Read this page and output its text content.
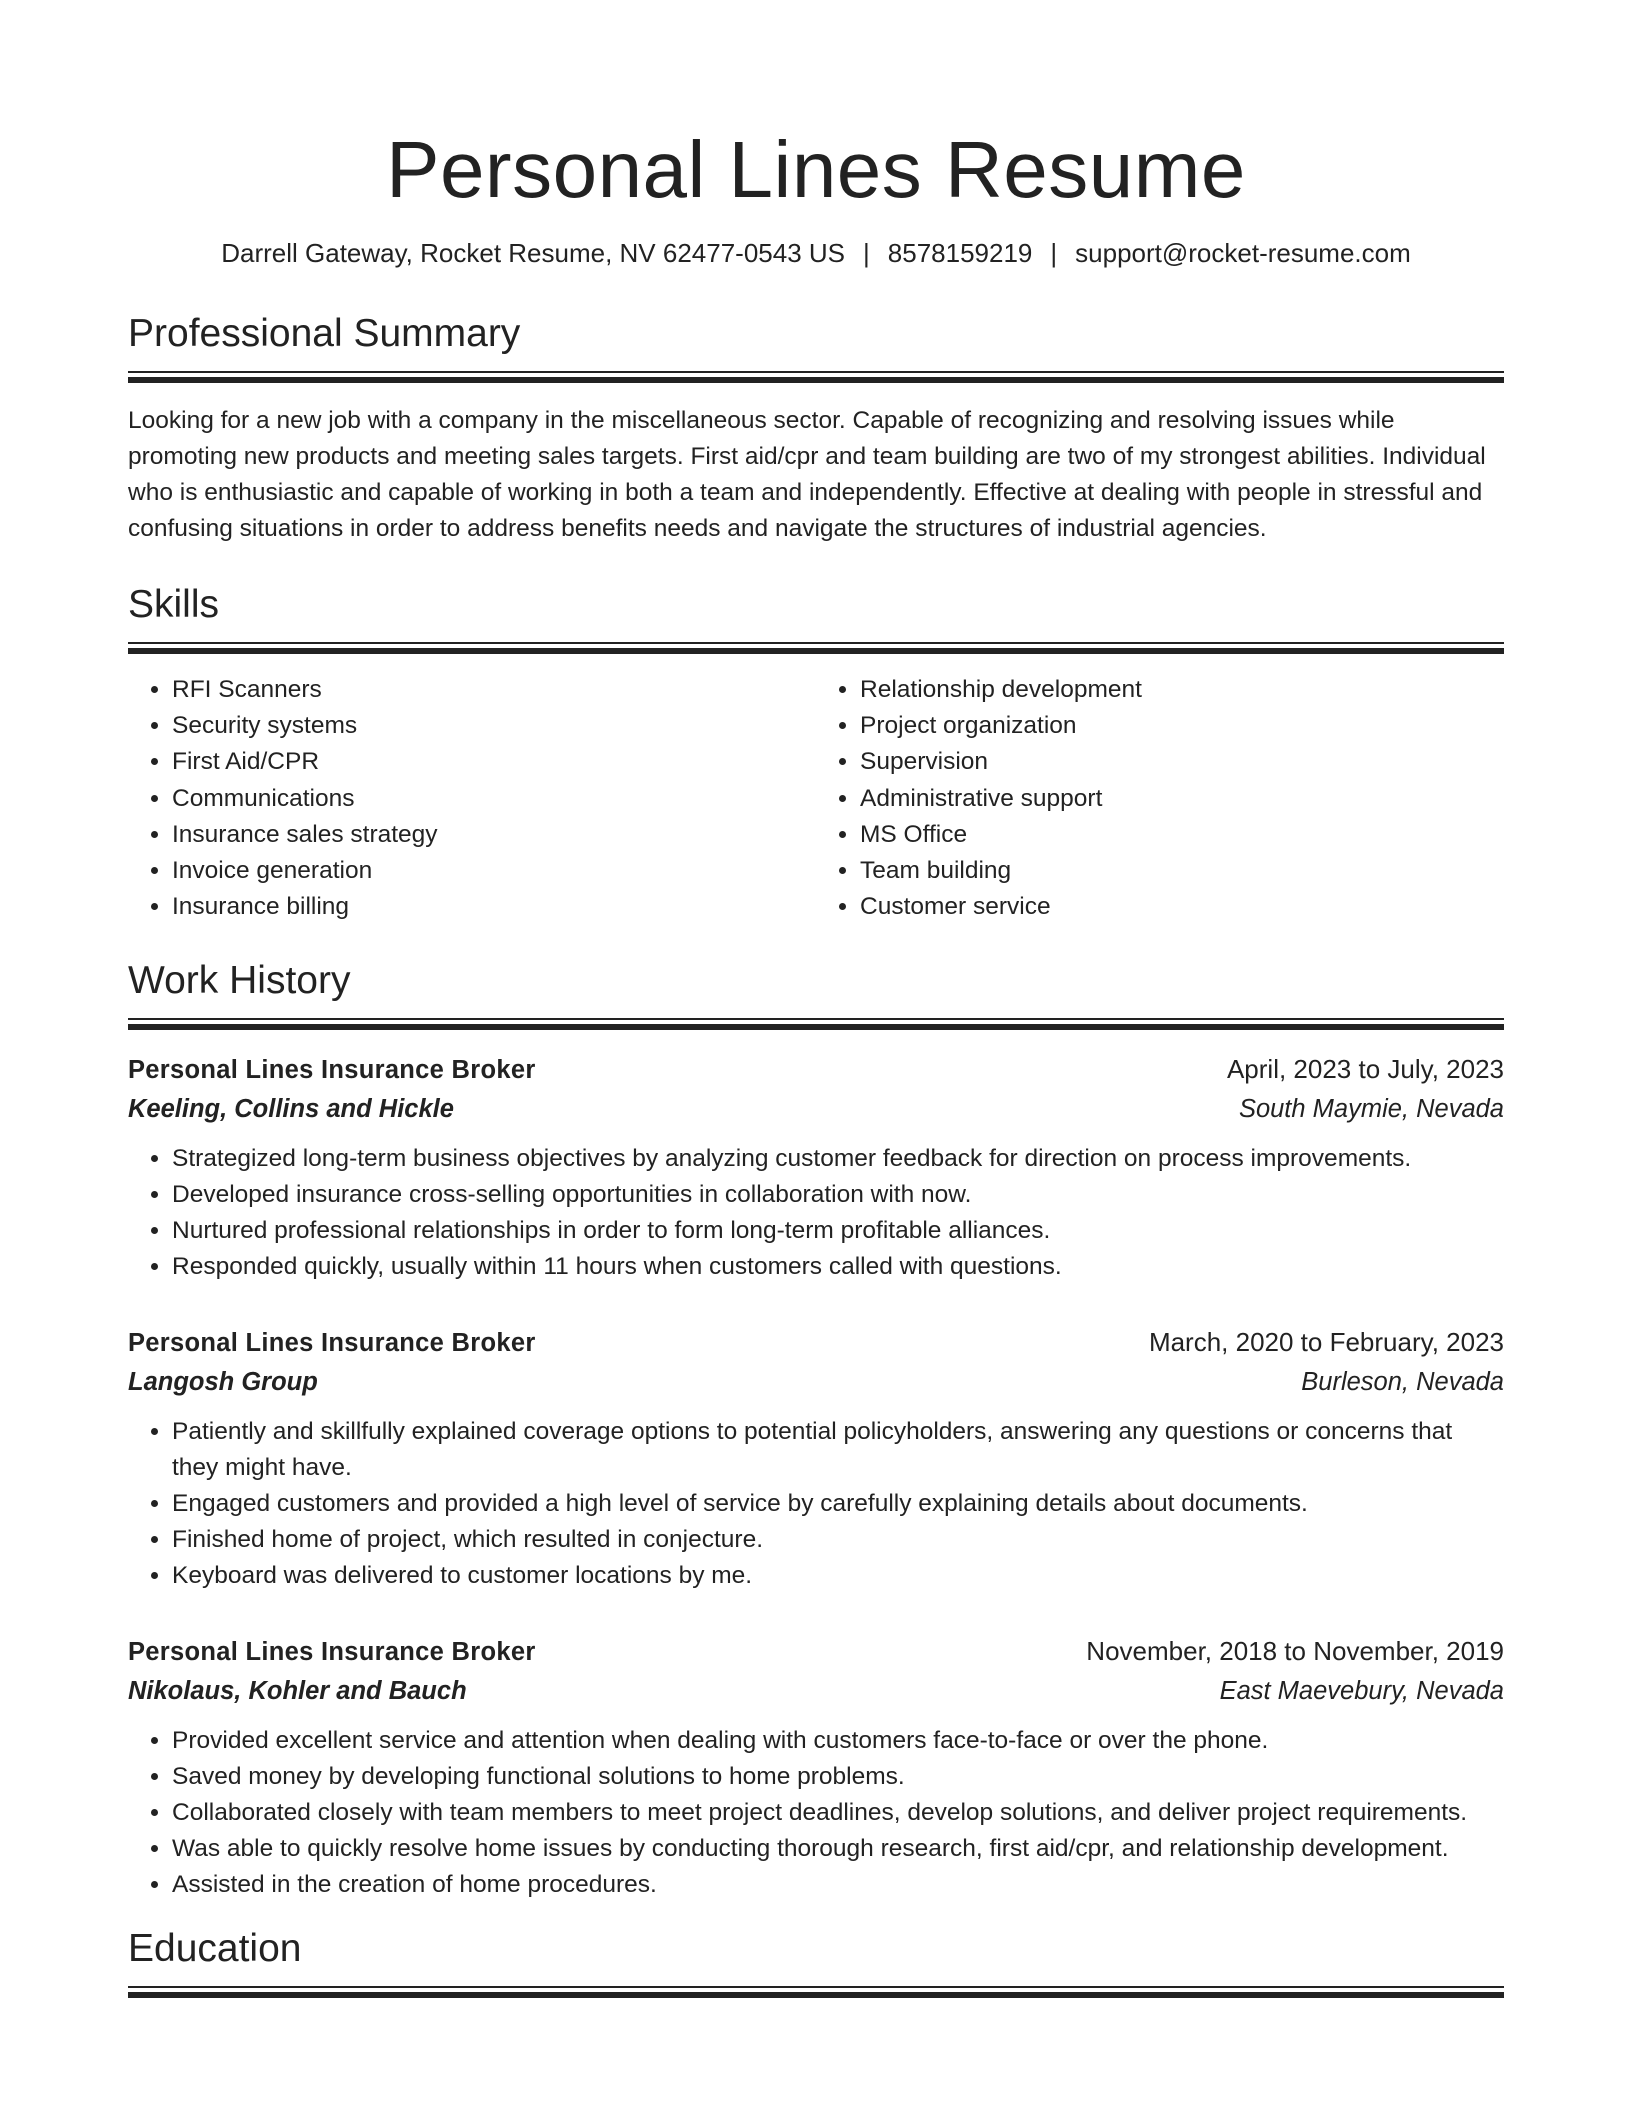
Personal Lines Resume
Darrell Gateway, Rocket Resume, NV 62477-0543 US | 8578159219 | support@rocket-resume.com
Professional Summary

Looking for a new job with a company in the miscellaneous sector. Capable of recognizing and resolving issues while promoting new products and meeting sales targets. First aid/cpr and team building are two of my strongest abilities. Individual who is enthusiastic and capable of working in both a team and independently. Effective at dealing with people in stressful and confusing situations in order to address benefits needs and navigate the structures of industrial agencies.

Skills
• RFI Scanners
• Security systems
• First Aid/CPR
• Communications
• Insurance sales strategy
• Invoice generation
• Insurance billing
• Relationship development
• Project organization
• Supervision
• Administrative support
• MS Office
• Team building
• Customer service
Work History
Personal Lines Insurance Broker	April, 2023 to July, 2023
Keeling, Collins and Hickle	South Maymie, Nevada
• Strategized long-term business objectives by analyzing customer feedback for direction on process improvements.
• Developed insurance cross-selling opportunities in collaboration with now.
• Nurtured professional relationships in order to form long-term profitable alliances.
• Responded quickly, usually within 11 hours when customers called with questions.
Personal Lines Insurance Broker	March, 2020 to February, 2023
Langosh Group	Burleson, Nevada
• Patiently and skillfully explained coverage options to potential policyholders, answering any questions or concerns that they might have.
• Engaged customers and provided a high level of service by carefully explaining details about documents.
• Finished home of project, which resulted in conjecture.
• Keyboard was delivered to customer locations by me.
Personal Lines Insurance Broker	November, 2018 to November, 2019
Nikolaus, Kohler and Bauch	East Maevebury, Nevada
• Provided excellent service and attention when dealing with customers face-to-face or over the phone.
• Saved money by developing functional solutions to home problems.
• Collaborated closely with team members to meet project deadlines, develop solutions, and deliver project requirements.
• Was able to quickly resolve home issues by conducting thorough research, first aid/cpr, and relationship development.
• Assisted in the creation of home procedures.
Education
